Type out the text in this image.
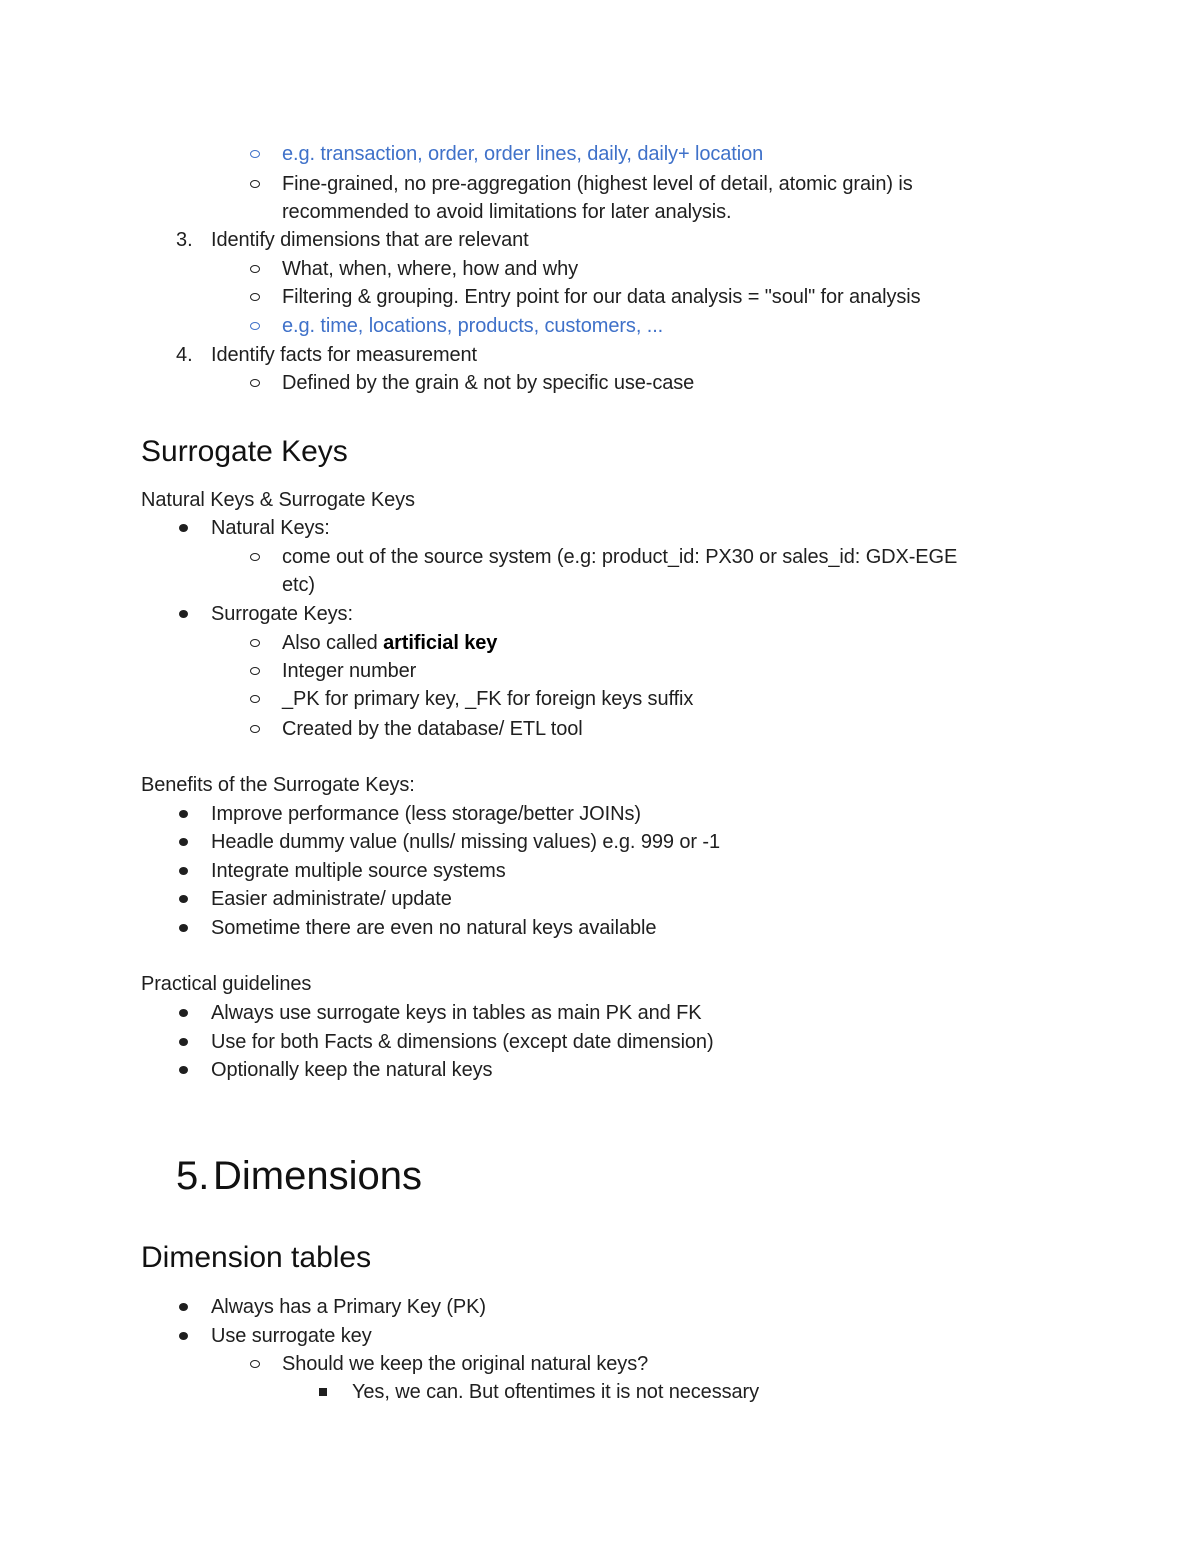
e.g. transaction, order, order lines, daily, daily+ location
Fine-grained, no pre-aggregation (highest level of detail, atomic grain) is
recommended to avoid limitations for later analysis.
3. Identify dimensions that are relevant
What, when, where, how and why
Filtering & grouping. Entry point for our data analysis = "soul" for analysis
e.g. time, locations, products, customers, ...
4. Identify facts for measurement
Defined by the grain & not by specific use-case
Surrogate Keys
Natural Keys & Surrogate Keys
Natural Keys:
come out of the source system (e.g: product_id: PX30 or sales_id: GDX-EGE
etc)
Surrogate Keys:
Also called artificial key
Integer number
_PK for primary key, _FK for foreign keys suffix
Created by the database/ ETL tool
Benefits of the Surrogate Keys:
Improve performance (less storage/better JOINs)
Headle dummy value (nulls/ missing values) e.g. 999 or -1
Integrate multiple source systems
Easier administrate/ update
Sometime there are even no natural keys available
Practical guidelines
Always use surrogate keys in tables as main PK and FK
Use for both Facts & dimensions (except date dimension)
Optionally keep the natural keys
5. Dimensions
Dimension tables
Always has a Primary Key (PK)
Use surrogate key
Should we keep the original natural keys?
Yes, we can. But oftentimes it is not necessary
